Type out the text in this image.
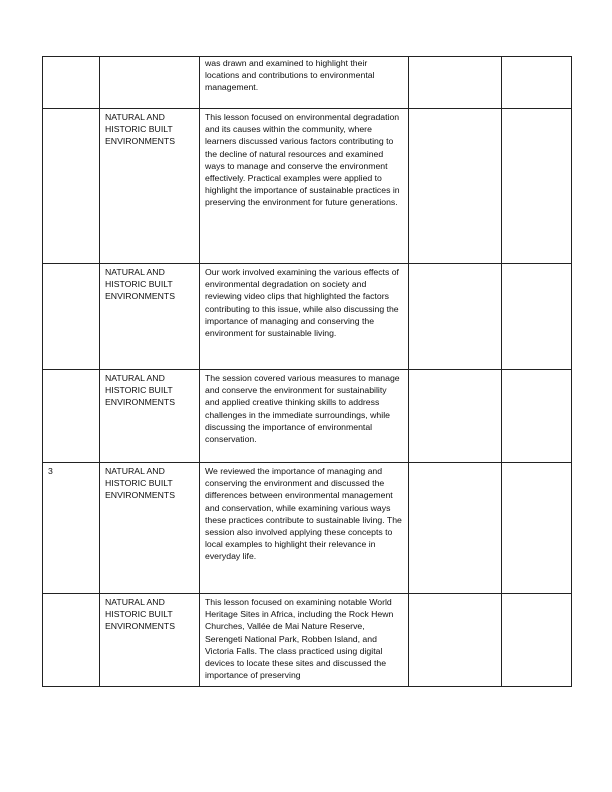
		was drawn and examined to highlight their locations and contributions to environmental management.		
	NATURAL AND HISTORIC BUILT ENVIRONMENTS	This lesson focused on environmental degradation and its causes within the community, where learners discussed various factors contributing to the decline of natural resources and examined ways to manage and conserve the environment effectively. Practical examples were applied to highlight the importance of sustainable practices in preserving the environment for future generations.		
	NATURAL AND HISTORIC BUILT ENVIRONMENTS	Our work involved examining the various effects of environmental degradation on society and reviewing video clips that highlighted the factors contributing to this issue, while also discussing the importance of managing and conserving the environment for sustainable living.		
	NATURAL AND HISTORIC BUILT ENVIRONMENTS	The session covered various measures to manage and conserve the environment for sustainability and applied creative thinking skills to address challenges in the immediate surroundings, while discussing the importance of environmental conservation.		
3	NATURAL AND HISTORIC BUILT ENVIRONMENTS	We reviewed the importance of managing and conserving the environment and discussed the differences between environmental management and conservation, while examining various ways these practices contribute to sustainable living. The session also involved applying these concepts to local examples to highlight their relevance in everyday life.		
	NATURAL AND HISTORIC BUILT ENVIRONMENTS	This lesson focused on examining notable World Heritage Sites in Africa, including the Rock Hewn Churches, Vallée de Mai Nature Reserve, Serengeti National Park, Robben Island, and Victoria Falls. The class practiced using digital devices to locate these sites and discussed the importance of preserving		
